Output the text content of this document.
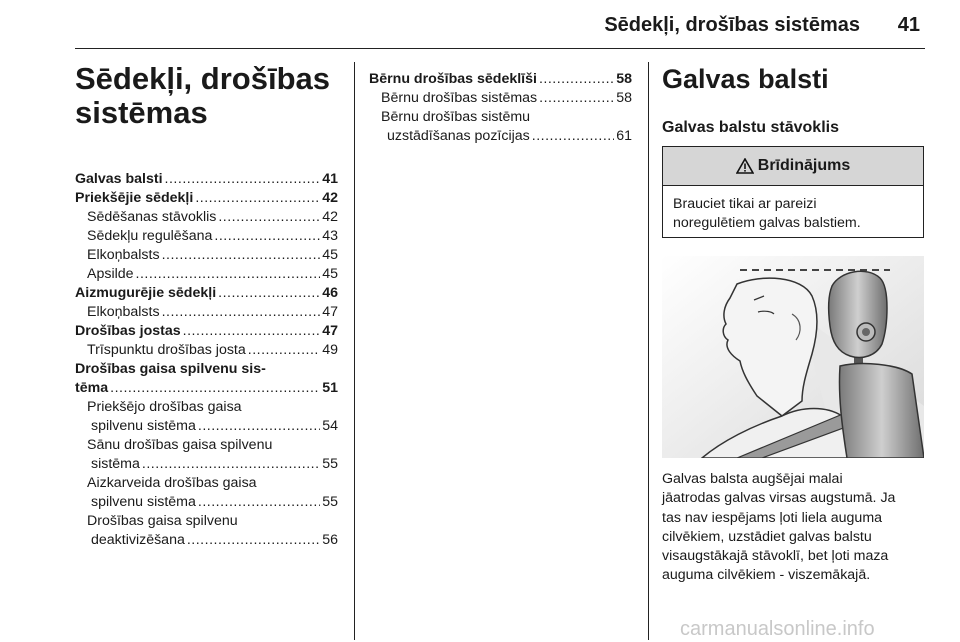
Sēdekļi, drošības sistēmas	41
Sēdekļi, drošības sistēmas
Galvas balsti .....	41
Priekšējie sēdekļi .....	42
Sēdēšanas stāvoklis .....	42
Sēdekļu regulēšana .....	43
Elkoņbalsts .....	45
Apsilde .....	45
Aizmugurējie sēdekļi .....	46
Elkoņbalsts .....	47
Drošības jostas .....	47
Trīspunktu drošības josta .....	49
Drošības gaisa spilvenu sis-
tēma .....	51
Priekšējo drošības gaisa
spilvenu sistēma .....	54
Sānu drošības gaisa spilvenu
sistēma .....	55
Aizkarveida drošības gaisa
spilvenu sistēma .....	55
Drošības gaisa spilvenu
deaktivizēšana .....	56
Bērnu drošības sēdeklīši .....	58
Bērnu drošības sistēmas .....	58
Bērnu drošības sistēmu
uzstādīšanas pozīcijas .....	61
Galvas balsti
Galvas balstu stāvoklis
Brīdinājums
Brauciet tikai ar pareizi
noregulētiem galvas balstiem.
Galvas balsta augšējai malai
jāatrodas galvas virsas augstumā. Ja
tas nav iespējams ļoti liela auguma
cilvēkiem, uzstādiet galvas balstu
visaugstākajā stāvoklī, bet ļoti maza
auguma cilvēkiem - viszemākajā.
carmanualsonline.info
